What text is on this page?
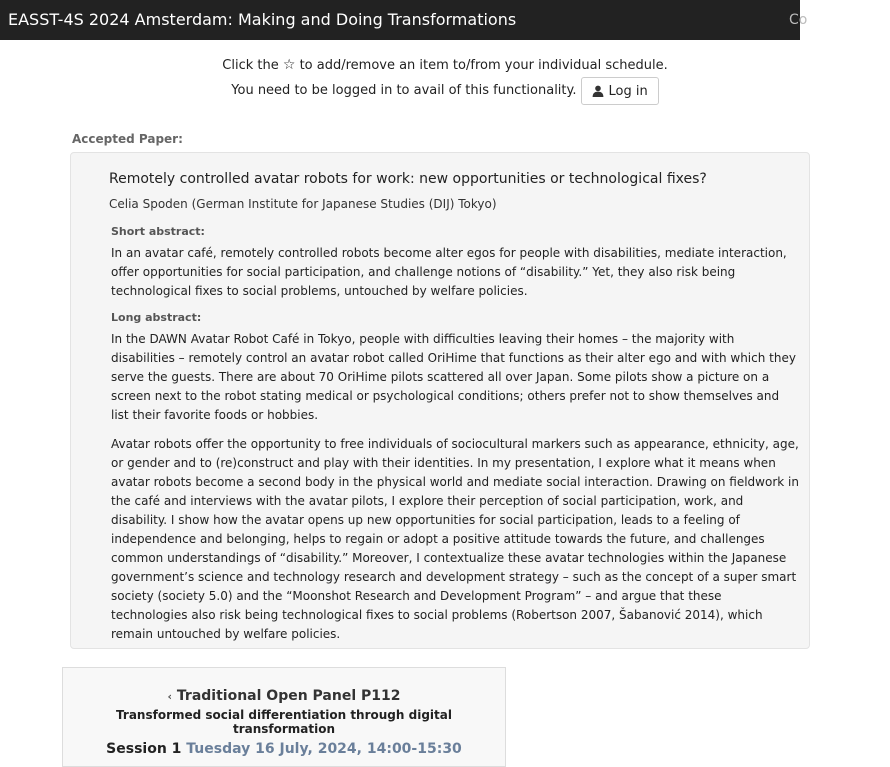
EASST-4S 2024 Amsterdam: Making and Doing Transformations	Co
Click the ☆ to add/remove an item to/from your individual schedule.
You need to be logged in to avail of this functionality. Log in
Accepted Paper:
Remotely controlled avatar robots for work: new opportunities or technological fixes?
Celia Spoden (German Institute for Japanese Studies (DIJ) Tokyo)
Short abstract:
In an avatar café, remotely controlled robots become alter egos for people with disabilities, mediate interaction, offer opportunities for social participation, and challenge notions of “disability.” Yet, they also risk being technological fixes to social problems, untouched by welfare policies.
Long abstract:
In the DAWN Avatar Robot Café in Tokyo, people with difficulties leaving their homes – the majority with disabilities – remotely control an avatar robot called OriHime that functions as their alter ego and with which they serve the guests. There are about 70 OriHime pilots scattered all over Japan. Some pilots show a picture on a screen next to the robot stating medical or psychological conditions; others prefer not to show themselves and list their favorite foods or hobbies.
Avatar robots offer the opportunity to free individuals of sociocultural markers such as appearance, ethnicity, age, or gender and to (re)construct and play with their identities. In my presentation, I explore what it means when avatar robots become a second body in the physical world and mediate social interaction. Drawing on fieldwork in the café and interviews with the avatar pilots, I explore their perception of social participation, work, and disability. I show how the avatar opens up new opportunities for social participation, leads to a feeling of independence and belonging, helps to regain or adopt a positive attitude towards the future, and challenges common understandings of “disability.” Moreover, I contextualize these avatar technologies within the Japanese government’s science and technology research and development strategy – such as the concept of a super smart society (society 5.0) and the “Moonshot Research and Development Program” – and argue that these technologies also risk being technological fixes to social problems (Robertson 2007, Šabanović 2014), which remain untouched by welfare policies.
‹ Traditional Open Panel P112
Transformed social differentiation through digital transformation
Session 1 Tuesday 16 July, 2024, 14:00-15:30
